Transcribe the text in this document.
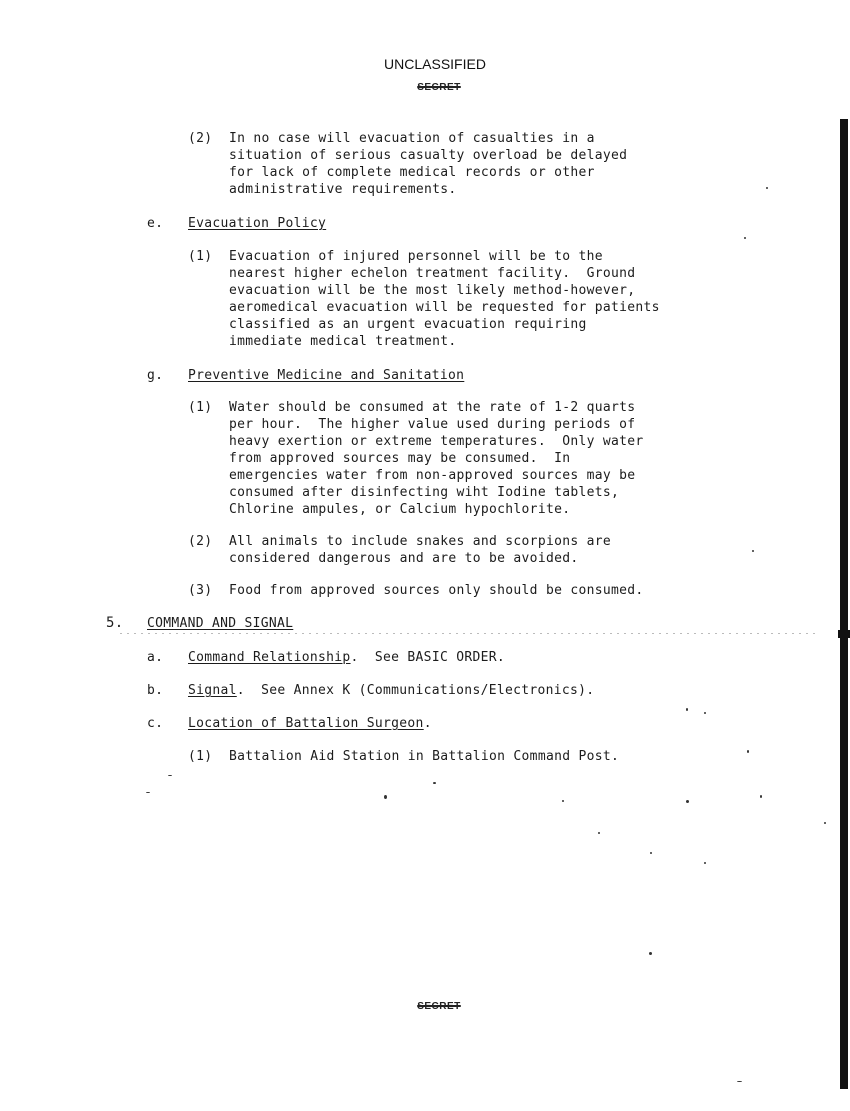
UNCLASSIFIED
SECRET
(2) In no case will evacuation of casualties in a
situation of serious casualty overload be delayed
for lack of complete medical records or other
administrative requirements.
e. Evacuation Policy
(1) Evacuation of injured personnel will be to the
nearest higher echelon treatment facility.  Ground
evacuation will be the most likely method-however,
aeromedical evacuation will be requested for patients
classified as an urgent evacuation requiring
immediate medical treatment.
g. Preventive Medicine and Sanitation
(1) Water should be consumed at the rate of 1-2 quarts
per hour.  The higher value used during periods of
heavy exertion or extreme temperatures.  Only water
from approved sources may be consumed.  In
emergencies water from non-approved sources may be
consumed after disinfecting wiht Iodine tablets,
Chlorine ampules, or Calcium hypochlorite.
(2) All animals to include snakes and scorpions are
considered dangerous and are to be avoided.
(3) Food from approved sources only should be consumed.
5. COMMAND AND SIGNAL
a. Command Relationship.  See BASIC ORDER.
b. Signal.  See Annex K (Communications/Electronics).
c. Location of Battalion Surgeon.
(1) Battalion Aid Station in Battalion Command Post.
SECRET
